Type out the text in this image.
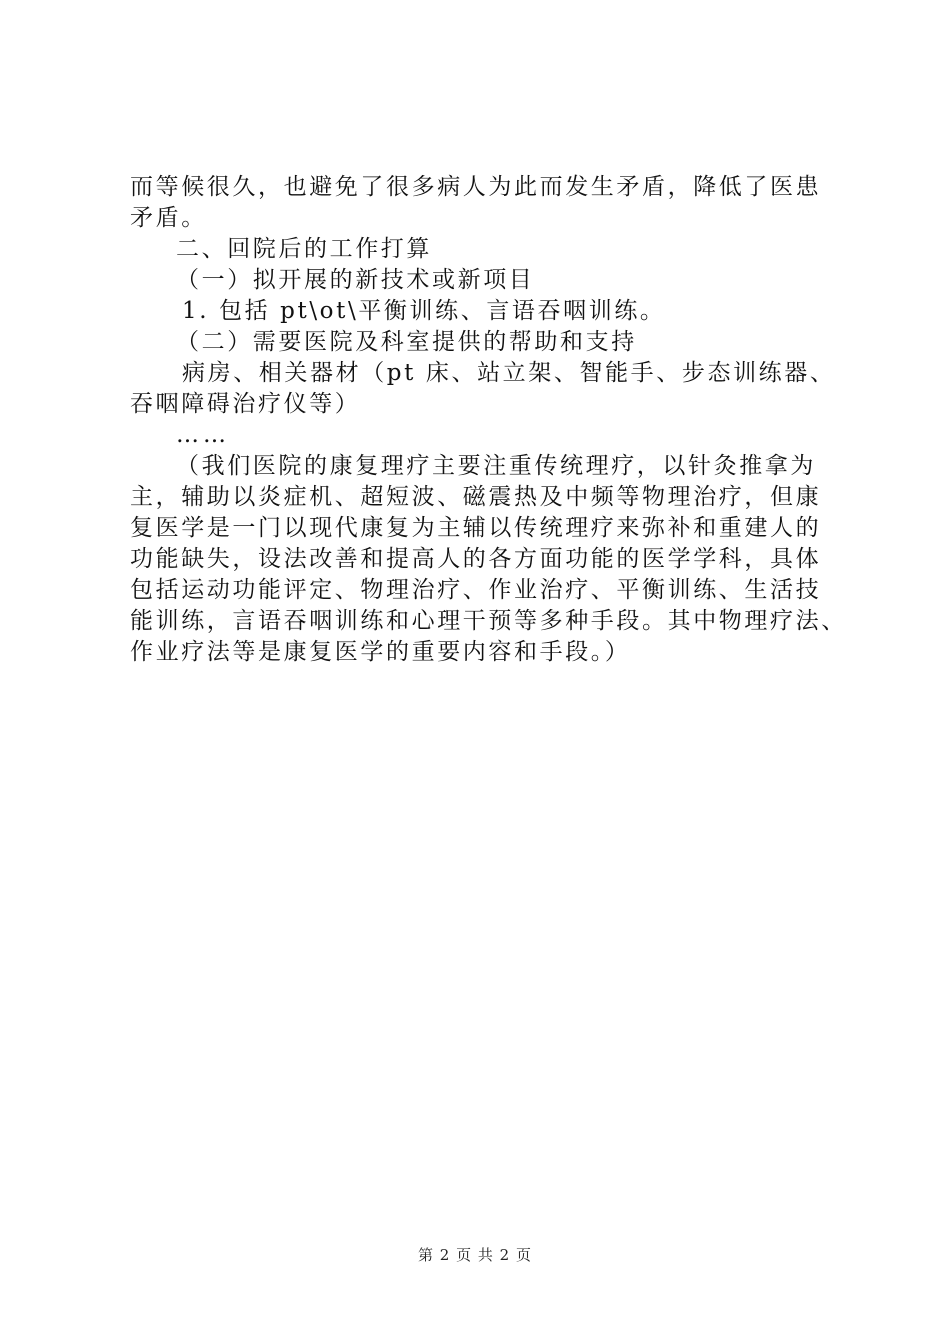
而等候很久，也避免了很多病人为此而发生矛盾，降低了医患
矛盾。
二、回院后的工作打算
（一）拟开展的新技术或新项目
1. 包括 pt\ot\平衡训练、言语吞咽训练。
（二）需要医院及科室提供的帮助和支持
病房、相关器材（pt 床、站立架、智能手、步态训练器、
吞咽障碍治疗仪等）
……
（我们医院的康复理疗主要注重传统理疗，以针灸推拿为
主，辅助以炎症机、超短波、磁震热及中频等物理治疗，但康
复医学是一门以现代康复为主辅以传统理疗来弥补和重建人的
功能缺失，设法改善和提高人的各方面功能的医学学科，具体
包括运动功能评定、物理治疗、作业治疗、平衡训练、生活技
能训练，言语吞咽训练和心理干预等多种手段。其中物理疗法、
作业疗法等是康复医学的重要内容和手段。）
第 2 页 共 2 页
